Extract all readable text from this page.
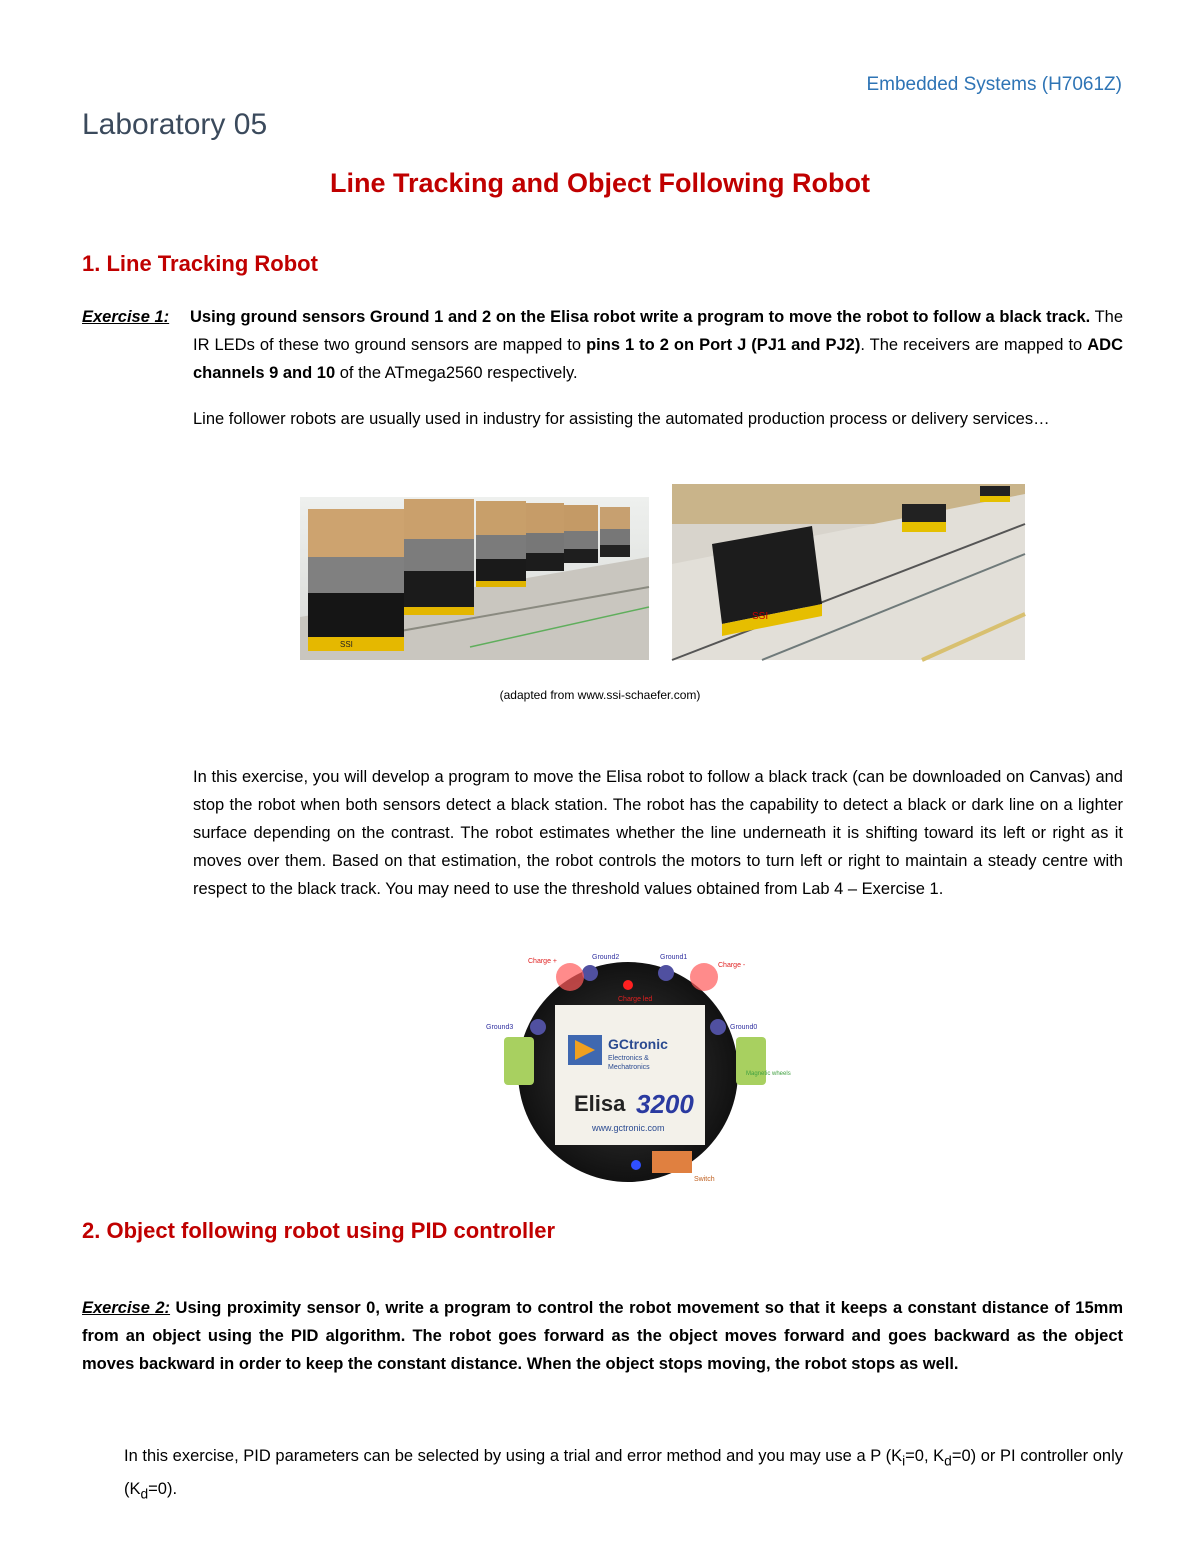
Embedded Systems (H7061Z)
Laboratory 05
Line Tracking and Object Following Robot
1. Line Tracking Robot
Exercise 1: Using ground sensors Ground 1 and 2 on the Elisa robot write a program to move the robot to follow a black track. The IR LEDs of these two ground sensors are mapped to pins 1 to 2 on Port J (PJ1 and PJ2). The receivers are mapped to ADC channels 9 and 10 of the ATmega2560 respectively.
Line follower robots are usually used in industry for assisting the automated production process or delivery services…
SSI
SSI
(adapted from www.ssi-schaefer.com)
In this exercise, you will develop a program to move the Elisa robot to follow a black track (can be downloaded on Canvas) and stop the robot when both sensors detect a black station. The robot has the capability to detect a black or dark line on a lighter surface depending on the contrast. The robot estimates whether the line underneath it is shifting toward its left or right as it moves over them. Based on that estimation, the robot controls the motors to turn left or right to maintain a steady centre with respect to the black track. You may need to use the threshold values obtained from Lab 4 – Exercise 1.
GCtronic
Electronics &
Mechatronics
Elisa 3200
www.gctronic.com
Charge +
Ground2	Ground1
Charge -
Charge led
Ground3	Ground0
Magnetic wheels
Switch
2. Object following robot using PID controller
Exercise 2: Using proximity sensor 0, write a program to control the robot movement so that it keeps a constant distance of 15mm from an object using the PID algorithm. The robot goes forward as the object moves forward and goes backward as the object moves backward in order to keep the constant distance. When the object stops moving, the robot stops as well.
In this exercise, PID parameters can be selected by using a trial and error method and you may use a P ($K_i=0$, $K_d=0$) or PI controller only $(K_d=0)$.
